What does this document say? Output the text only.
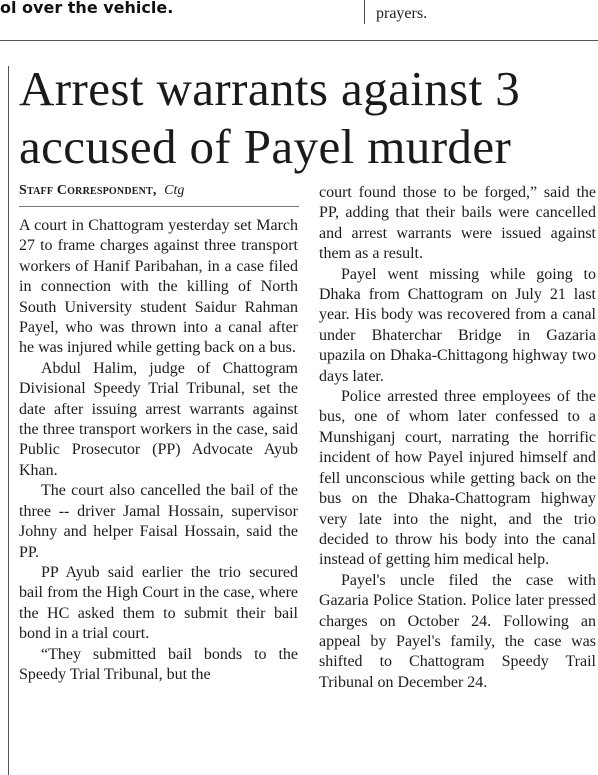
ol over the vehicle.	prayers.
Arrest warrants against 3 accused of Payel murder
Staff Correspondent, Ctg

A court in Chattogram yesterday set March 27 to frame charges against three transport workers of Hanif Paribahan, in a case filed in connection with the killing of North South University student Saidur Rahman Payel, who was thrown into a canal after he was injured while getting back on a bus.

Abdul Halim, judge of Chattogram Divisional Speedy Trial Tribunal, set the date after issuing arrest warrants against the three transport workers in the case, said Public Prosecutor (PP) Advocate Ayub Khan.

The court also cancelled the bail of the three -- driver Jamal Hossain, supervisor Johny and helper Faisal Hossain, said the PP.

PP Ayub said earlier the trio secured bail from the High Court in the case, where the HC asked them to submit their bail bond in a trial court.

“They submitted bail bonds to the Speedy Trial Tribunal, but the

court found those to be forged,” said the PP, adding that their bails were cancelled and arrest warrants were issued against them as a result.

Payel went missing while going to Dhaka from Chattogram on July 21 last year. His body was recovered from a canal under Bhaterchar Bridge in Gazaria upazila on Dhaka-Chittagong highway two days later.

Police arrested three employees of the bus, one of whom later confessed to a Munshiganj court, narrating the horrific incident of how Payel injured himself and fell unconscious while getting back on the bus on the Dhaka-Chattogram highway very late into the night, and the trio decided to throw his body into the canal instead of getting him medical help.

Payel's uncle filed the case with Gazaria Police Station. Police later pressed charges on October 24. Following an appeal by Payel's family, the case was shifted to Chattogram Speedy Trail Tribunal on December 24.
